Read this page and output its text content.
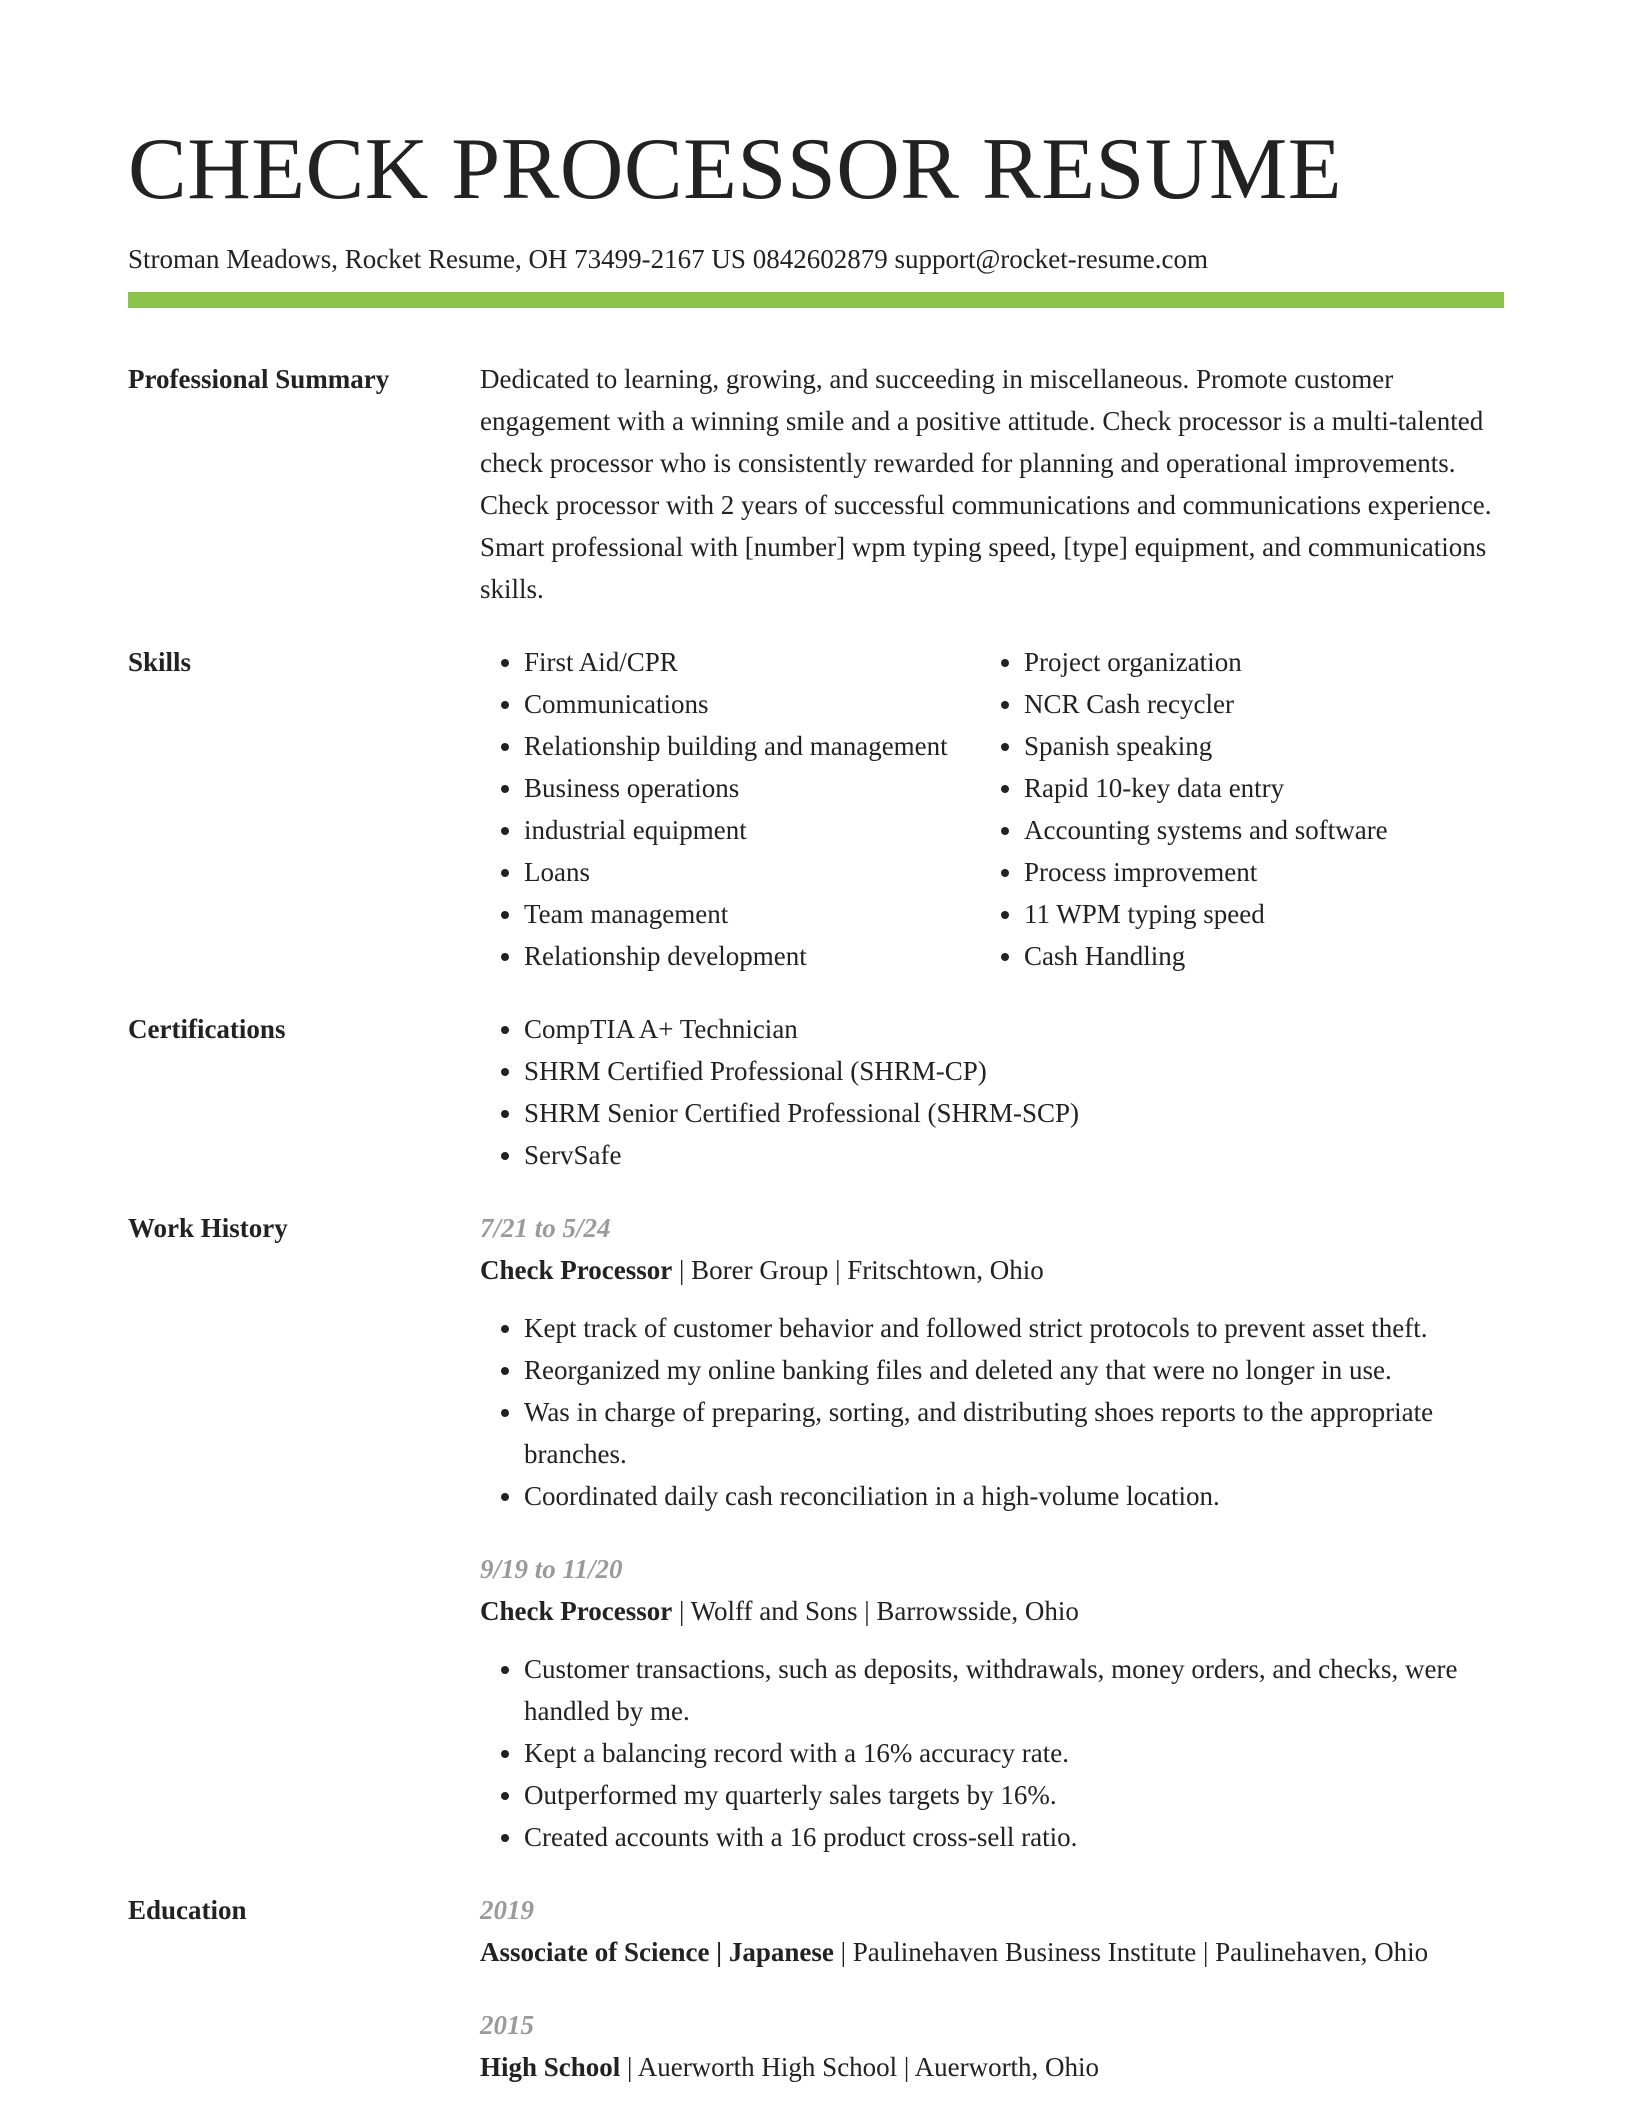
CHECK PROCESSOR RESUME
Stroman Meadows, Rocket Resume, OH 73499-2167 US 0842602879 support@rocket-resume.com
Professional Summary	Dedicated to learning, growing, and succeeding in miscellaneous. Promote customer engagement with a winning smile and a positive attitude. Check processor is a multi-talented check processor who is consistently rewarded for planning and operational improvements. Check processor with 2 years of successful communications and communications experience. Smart professional with [number] wpm typing speed, [type] equipment, and communications skills.

Skills	• First Aid/CPR
• Communications
• Relationship building and management
• Business operations
• industrial equipment
• Loans
• Team management
• Relationship development
• Project organization
• NCR Cash recycler
• Spanish speaking
• Rapid 10-key data entry
• Accounting systems and software
• Process improvement
• 11 WPM typing speed
• Cash Handling
Certifications	• CompTIA A+ Technician
• SHRM Certified Professional (SHRM-CP)
• SHRM Senior Certified Professional (SHRM-SCP)
• ServSafe
Work History	7/21 to 5/24
Check Processor | Borer Group | Fritschtown, Ohio
• Kept track of customer behavior and followed strict protocols to prevent asset theft.
• Reorganized my online banking files and deleted any that were no longer in use.
• Was in charge of preparing, sorting, and distributing shoes reports to the appropriate branches.
• Coordinated daily cash reconciliation in a high-volume location.
9/19 to 11/20
Check Processor | Wolff and Sons | Barrowsside, Ohio
• Customer transactions, such as deposits, withdrawals, money orders, and checks, were handled by me.
• Kept a balancing record with a 16% accuracy rate.
• Outperformed my quarterly sales targets by 16%.
• Created accounts with a 16 product cross-sell ratio.
Education	2019
Associate of Science | Japanese | Paulinehaven Business Institute | Paulinehaven, Ohio
2015
High School | Auerworth High School | Auerworth, Ohio
